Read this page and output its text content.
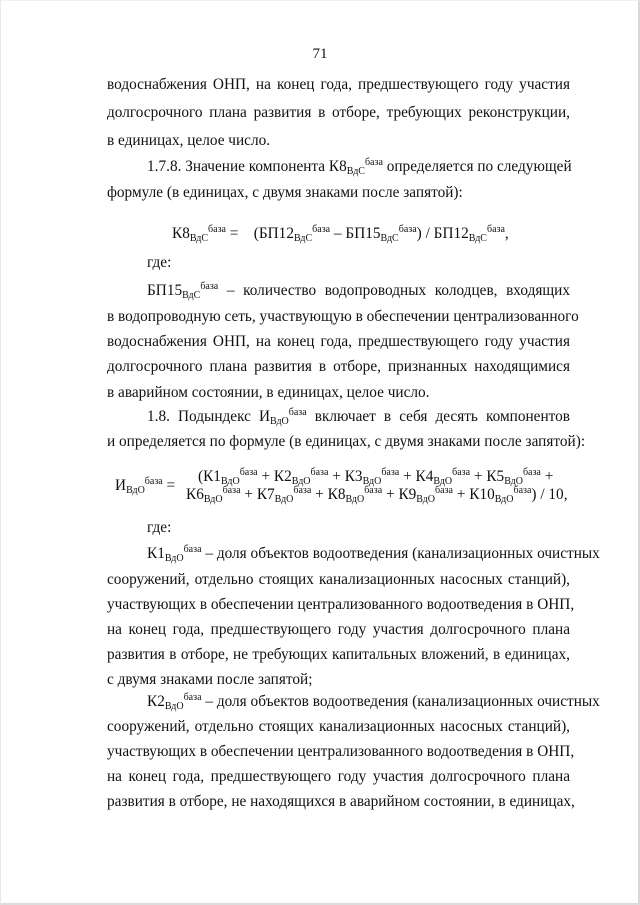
71
водоснабжения ОНП, на конец года, предшествующего году участия
долгосрочного плана развития в отборе, требующих реконструкции,
в единицах, целое число.
1.7.8. Значение компонента $К8_{ВдС}^{база}$ определяется по следующей
формуле (в единицах, с двумя знаками после запятой):
$К8_{ВдС}^{база} = (БП12_{ВдС}^{база} - БП15_{ВдС}^{база}) / БП12_{ВдС}^{база}$,
где:
$БП15_{ВдС}^{база}$ – количество водопроводных колодцев, входящих
в водопроводную сеть, участвующую в обеспечении централизованного
водоснабжения ОНП, на конец года, предшествующего году участия
долгосрочного плана развития в отборе, признанных находящимися
в аварийном состоянии, в единицах, целое число.
1.8. Подындекс $И_{ВдО}^{база}$ включает в себя десять компонентов
и определяется по формуле (в единицах, с двумя знаками после запятой):
$И_{ВдО}^{база}$ =
($К1_{ВдО}^{база} + К2_{ВдО}^{база} + К3_{ВдО}^{база} + К4_{ВдО}^{база} + К5_{ВдО}^{база}$ +
$К6_{ВдО}^{база} + К7_{ВдО}^{база} + К8_{ВдО}^{база} + К9_{ВдО}^{база} + К10_{ВдО}^{база}) / 10$,
где:
$К1_{ВдО}^{база}$ – доля объектов водоотведения (канализационных очистных
сооружений, отдельно стоящих канализационных насосных станций),
участвующих в обеспечении централизованного водоотведения в ОНП,
на конец года, предшествующего году участия долгосрочного плана
развития в отборе, не требующих капитальных вложений, в единицах,
с двумя знаками после запятой;
$К2_{ВдО}^{база}$ – доля объектов водоотведения (канализационных очистных
сооружений, отдельно стоящих канализационных насосных станций),
участвующих в обеспечении централизованного водоотведения в ОНП,
на конец года, предшествующего году участия долгосрочного плана
развития в отборе, не находящихся в аварийном состоянии, в единицах,
